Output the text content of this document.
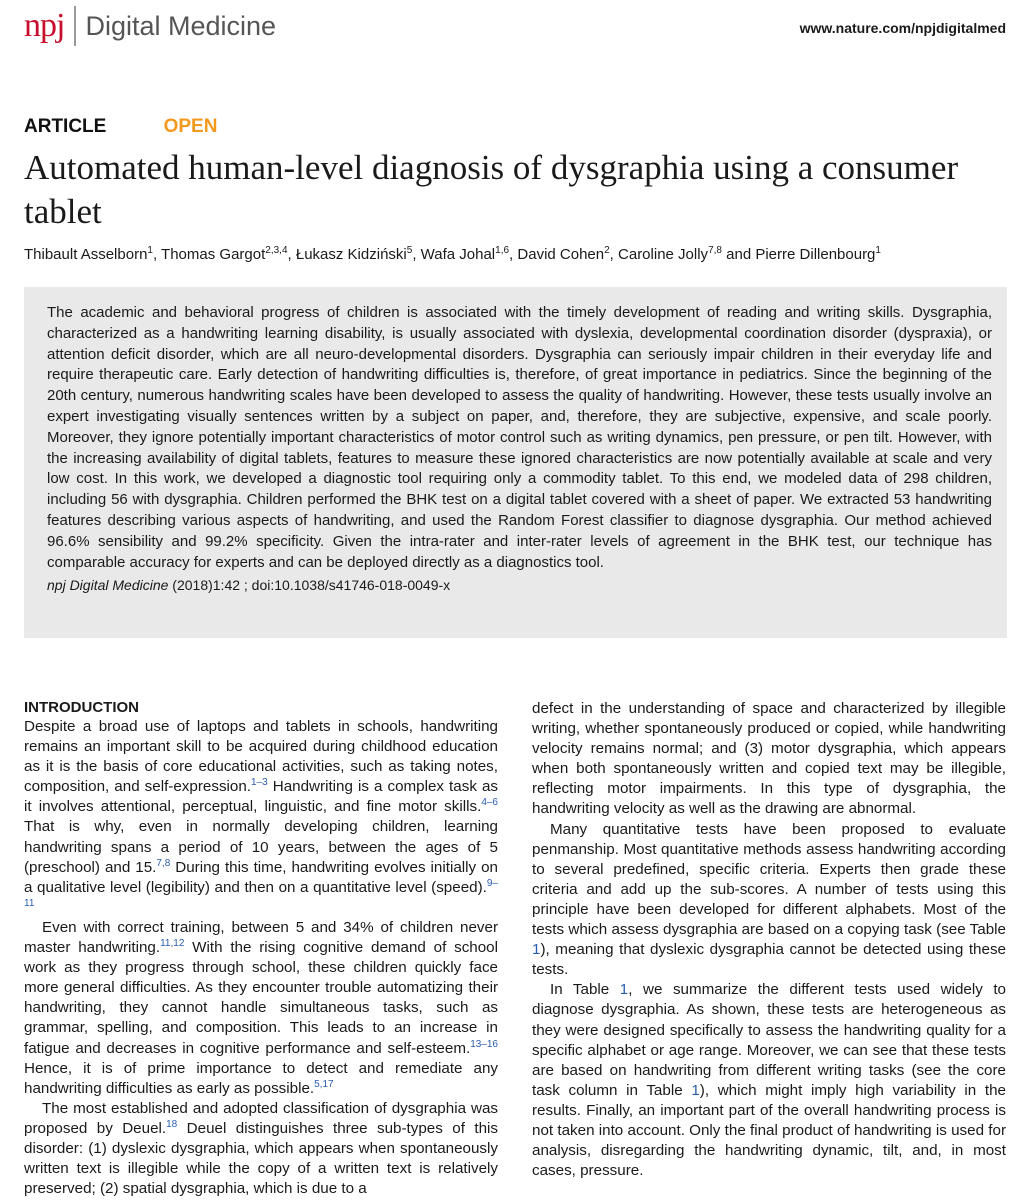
npj Digital Medicine	www.nature.com/npjdigitalmed
ARTICLE	OPEN
Automated human-level diagnosis of dysgraphia using a consumer tablet
Thibault Asselborn$^1$, Thomas Gargot$^{2,3,4}$, Łukasz Kidziński$^5$, Wafa Johal$^{1,6}$, David Cohen$^2$, Caroline Jolly$^{7,8}$ and Pierre Dillenbourg$^1$

The academic and behavioral progress of children is associated with the timely development of reading and writing skills. Dysgraphia, characterized as a handwriting learning disability, is usually associated with dyslexia, developmental coordination disorder (dyspraxia), or attention deficit disorder, which are all neuro-developmental disorders. Dysgraphia can seriously impair children in their everyday life and require therapeutic care. Early detection of handwriting difficulties is, therefore, of great importance in pediatrics. Since the beginning of the 20th century, numerous handwriting scales have been developed to assess the quality of handwriting. However, these tests usually involve an expert investigating visually sentences written by a subject on paper, and, therefore, they are subjective, expensive, and scale poorly. Moreover, they ignore potentially important characteristics of motor control such as writing dynamics, pen pressure, or pen tilt. However, with the increasing availability of digital tablets, features to measure these ignored characteristics are now potentially available at scale and very low cost. In this work, we developed a diagnostic tool requiring only a commodity tablet. To this end, we modeled data of 298 children, including 56 with dysgraphia. Children performed the BHK test on a digital tablet covered with a sheet of paper. We extracted 53 handwriting features describing various aspects of handwriting, and used the Random Forest classifier to diagnose dysgraphia. Our method achieved 96.6% sensibility and 99.2% specificity. Given the intra-rater and inter-rater levels of agreement in the BHK test, our technique has comparable accuracy for experts and can be deployed directly as a diagnostics tool.

npj Digital Medicine (2018)1:42 ; doi:10.1038/s41746-018-0049-x
INTRODUCTION

Despite a broad use of laptops and tablets in schools, handwriting remains an important skill to be acquired during childhood education as it is the basis of core educational activities, such as taking notes, composition, and self-expression.$^{1-3}$ Handwriting is a complex task as it involves attentional, perceptual, linguistic, and fine motor skills.$^{4-6}$ That is why, even in normally developing children, learning handwriting spans a period of 10 years, between the ages of 5 (preschool) and 15.$^{7,8}$ During this time, handwriting evolves initially on a qualitative level (legibility) and then on a quantitative level (speed).$^{9-11}$

Even with correct training, between 5 and 34% of children never master handwriting.$^{11,12}$ With the rising cognitive demand of school work as they progress through school, these children quickly face more general difficulties. As they encounter trouble automatizing their handwriting, they cannot handle simultaneous tasks, such as grammar, spelling, and composition. This leads to an increase in fatigue and decreases in cognitive performance and self-esteem.$^{13-16}$ Hence, it is of prime importance to detect and remediate any handwriting difficulties as early as possible.$^{5,17}$

The most established and adopted classification of dysgraphia was proposed by Deuel.$^{18}$ Deuel distinguishes three sub-types of this disorder: (1) dyslexic dysgraphia, which appears when spontaneously written text is illegible while the copy of a written text is relatively preserved; (2) spatial dysgraphia, which is due to a

defect in the understanding of space and characterized by illegible writing, whether spontaneously produced or copied, while handwriting velocity remains normal; and (3) motor dysgraphia, which appears when both spontaneously written and copied text may be illegible, reflecting motor impairments. In this type of dysgraphia, the handwriting velocity as well as the drawing are abnormal.

Many quantitative tests have been proposed to evaluate penmanship. Most quantitative methods assess handwriting according to several predefined, specific criteria. Experts then grade these criteria and add up the sub-scores. A number of tests using this principle have been developed for different alphabets. Most of the tests which assess dysgraphia are based on a copying task (see Table 1), meaning that dyslexic dysgraphia cannot be detected using these tests.

In Table 1, we summarize the different tests used widely to diagnose dysgraphia. As shown, these tests are heterogeneous as they were designed specifically to assess the handwriting quality for a specific alphabet or age range. Moreover, we can see that these tests are based on handwriting from different writing tasks (see the core task column in Table 1), which might imply high variability in the results. Finally, an important part of the overall handwriting process is not taken into account. Only the final product of handwriting is used for analysis, disregarding the handwriting dynamic, tilt, and, in most cases, pressure.
